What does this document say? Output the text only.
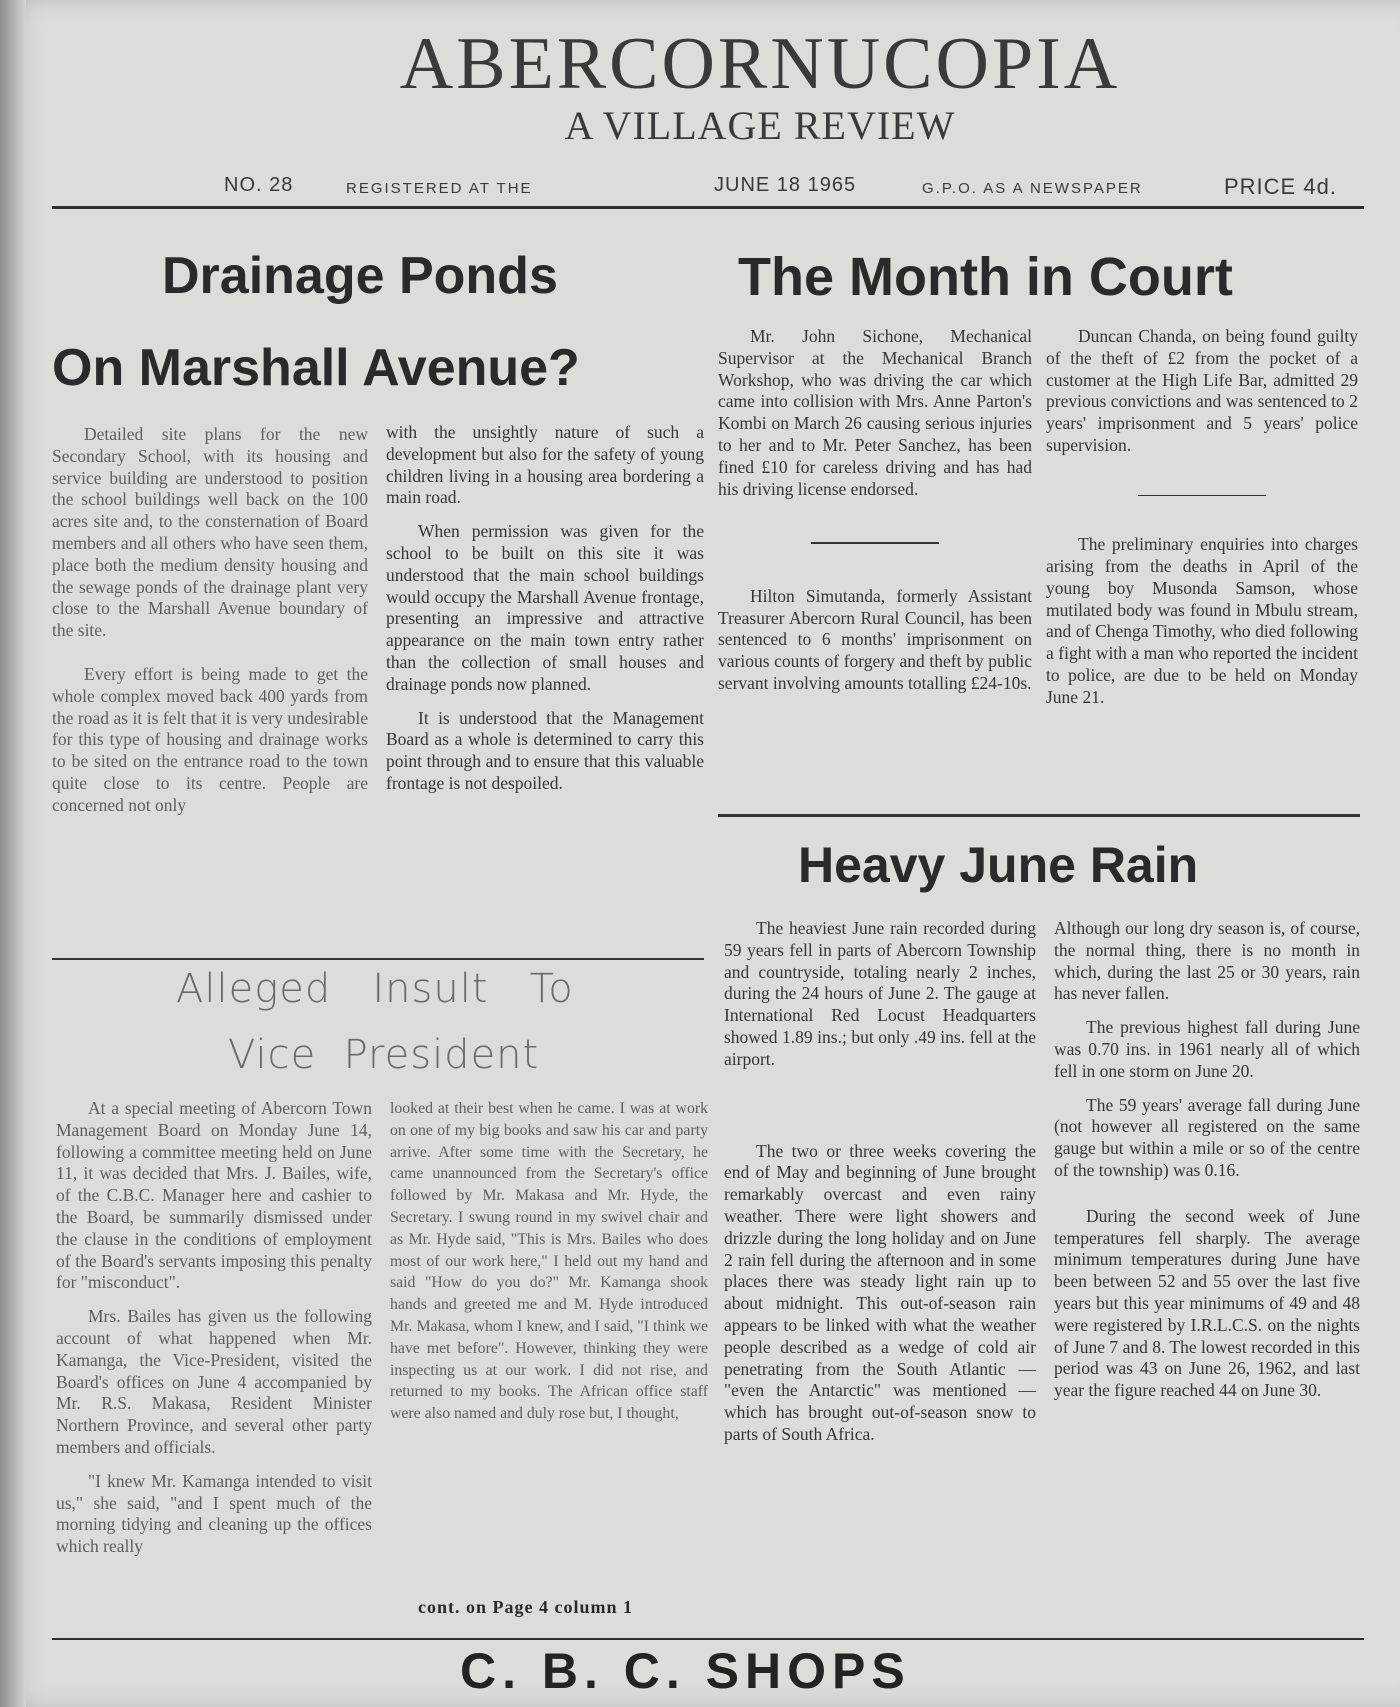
ABERCORNUCOPIA
A VILLAGE REVIEW
NO. 28	REGISTERED AT THE	JUNE 18 1965	G.P.O. AS A NEWSPAPER	PRICE 4d.
Drainage Ponds
On Marshall Avenue?

Detailed site plans for the new Secondary School, with its housing and service building are understood to position the school buildings well back on the 100 acres site and, to the consternation of Board members and all others who have seen them, place both the medium density housing and the sewage ponds of the drainage plant very close to the Marshall Avenue boundary of the site.

Every effort is being made to get the whole complex moved back 400 yards from the road as it is felt that it is very undesirable for this type of housing and drainage works to be sited on the entrance road to the town quite close to its centre. People are concerned not only

with the unsightly nature of such a development but also for the safety of young children living in a housing area bordering a main road.

When permission was given for the school to be built on this site it was understood that the main school buildings would occupy the Marshall Avenue frontage, presenting an impressive and attractive appearance on the main town entry rather than the collection of small houses and drainage ponds now planned.

It is understood that the Management Board as a whole is determined to carry this point through and to ensure that this valuable frontage is not despoiled.

The Month in Court

Mr. John Sichone, Mechanical Supervisor at the Mechanical Branch Workshop, who was driving the car which came into collision with Mrs. Anne Parton's Kombi on March 26 causing serious injuries to her and to Mr. Peter Sanchez, has been fined £10 for careless driving and has had his driving license endorsed.

Hilton Simutanda, formerly Assistant Treasurer Abercorn Rural Council, has been sentenced to 6 months' imprisonment on various counts of forgery and theft by public servant involving amounts totalling £24-10s.

Duncan Chanda, on being found guilty of the theft of £2 from the pocket of a customer at the High Life Bar, admitted 29 previous convictions and was sentenced to 2 years' imprisonment and 5 years' police supervision.

The preliminary enquiries into charges arising from the deaths in April of the young boy Musonda Samson, whose mutilated body was found in Mbulu stream, and of Chenga Timothy, who died following a fight with a man who reported the incident to police, are due to be held on Monday June 21.

Heavy June Rain

The heaviest June rain recorded during 59 years fell in parts of Abercorn Township and countryside, totaling nearly 2 inches, during the 24 hours of June 2. The gauge at International Red Locust Headquarters showed 1.89 ins.; but only .49 ins. fell at the airport.

The two or three weeks covering the end of May and beginning of June brought remarkably overcast and even rainy weather. There were light showers and drizzle during the long holiday and on June 2 rain fell during the afternoon and in some places there was steady light rain up to about midnight. This out-of-season rain appears to be linked with what the weather people described as a wedge of cold air penetrating from the South Atlantic — "even the Antarctic" was mentioned — which has brought out-of-season snow to parts of South Africa.

Although our long dry season is, of course, the normal thing, there is no month in which, during the last 25 or 30 years, rain has never fallen.

The previous highest fall during June was 0.70 ins. in 1961 nearly all of which fell in one storm on June 20.

The 59 years' average fall during June (not however all registered on the same gauge but within a mile or so of the centre of the township) was 0.16.

During the second week of June temperatures fell sharply. The average minimum temperatures during June have been between 52 and 55 over the last five years but this year minimums of 49 and 48 were registered by I.R.L.C.S. on the nights of June 7 and 8. The lowest recorded in this period was 43 on June 26, 1962, and last year the figure reached 44 on June 30.

Alleged   Insult   To
Vice  President

At a special meeting of Abercorn Town Management Board on Monday June 14, following a committee meeting held on June 11, it was decided that Mrs. J. Bailes, wife, of the C.B.C. Manager here and cashier to the Board, be summarily dismissed under the clause in the conditions of employment of the Board's servants imposing this penalty for "misconduct".

Mrs. Bailes has given us the following account of what happened when Mr. Kamanga, the Vice-President, visited the Board's offices on June 4 accompanied by Mr. R.S. Makasa, Resident Minister Northern Province, and several other party members and officials.

"I knew Mr. Kamanga intended to visit us," she said, "and I spent much of the morning tidying and cleaning up the offices which really

looked at their best when he came. I was at work on one of my big books and saw his car and party arrive. After some time with the Secretary, he came unannounced from the Secretary's office followed by Mr. Makasa and Mr. Hyde, the Secretary. I swung round in my swivel chair and as Mr. Hyde said, "This is Mrs. Bailes who does most of our work here," I held out my hand and said "How do you do?" Mr. Kamanga shook hands and greeted me and M. Hyde introduced Mr. Makasa, whom I knew, and I said, "I think we have met before". However, thinking they were inspecting us at our work. I did not rise, and returned to my books. The African office staff were also named and duly rose but, I thought,

cont. on Page 4 column 1
C. B. C. SHOPS
